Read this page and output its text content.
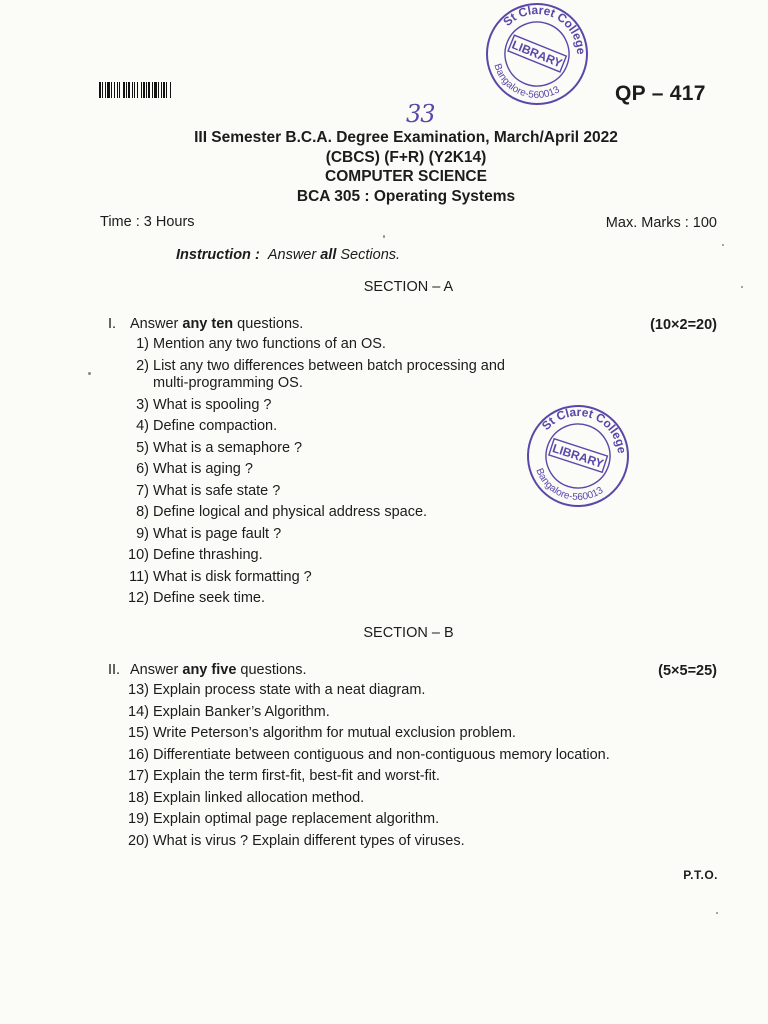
QP – 417
St Claret College
Bangalore-560013
LIBRARY
33
III Semester B.C.A. Degree Examination, March/April 2022
(CBCS) (F+R) (Y2K14)
COMPUTER SCIENCE
BCA 305 : Operating Systems
Time : 3 Hours	Max. Marks : 100
Instruction : Answer all Sections.
SECTION – A
I. Answer any ten questions.	(10×2=20)
1) Mention any two functions of an OS.
2) List any two differences between batch processing and
multi-programming OS.
3) What is spooling ?
4) Define compaction.
5) What is a semaphore ?
6) What is aging ?
7) What is safe state ?
8) Define logical and physical address space.
9) What is page fault ?
10) Define thrashing.
11) What is disk formatting ?
12) Define seek time.
St Claret College
Bangalore-560013
LIBRARY
SECTION – B
II. Answer any five questions.	(5×5=25)
13) Explain process state with a neat diagram.
14) Explain Banker’s Algorithm.
15) Write Peterson’s algorithm for mutual exclusion problem.
16) Differentiate between contiguous and non-contiguous memory location.
17) Explain the term first-fit, best-fit and worst-fit.
18) Explain linked allocation method.
19) Explain optimal page replacement algorithm.
20) What is virus ? Explain different types of viruses.
P.T.O.
